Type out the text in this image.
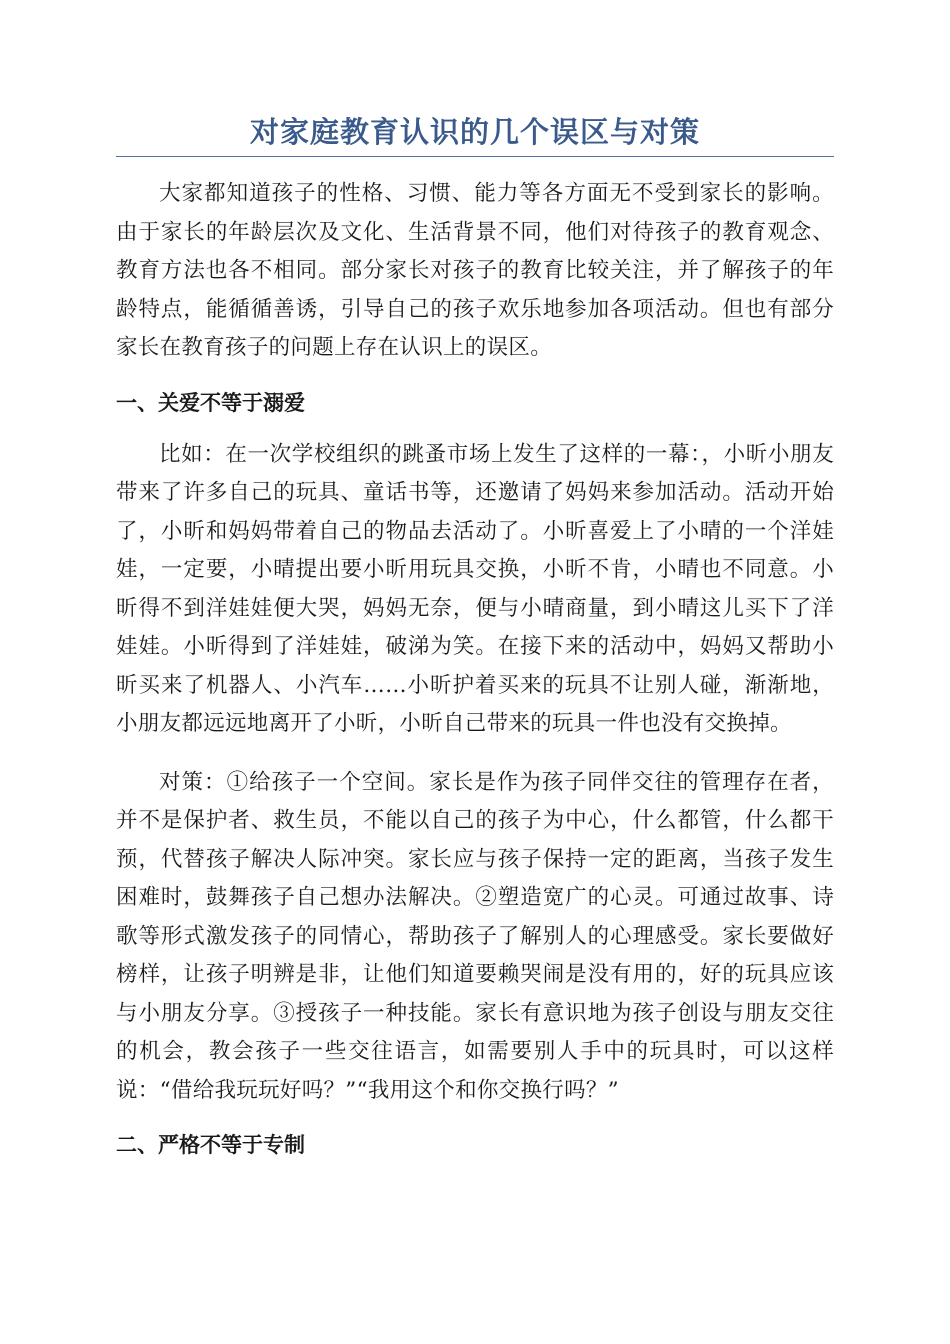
对家庭教育认识的几个误区与对策

大家都知道孩子的性格、习惯、能力等各方面无不受到家长的影响。由于家长的年龄层次及文化、生活背景不同，他们对待孩子的教育观念、教育方法也各不相同。部分家长对孩子的教育比较关注，并了解孩子的年龄特点，能循循善诱，引导自己的孩子欢乐地参加各项活动。但也有部分家长在教育孩子的问题上存在认识上的误区。

一、关爱不等于溺爱

比如：在一次学校组织的跳蚤市场上发生了这样的一幕：，小昕小朋友带来了许多自己的玩具、童话书等，还邀请了妈妈来参加活动。活动开始了，小昕和妈妈带着自己的物品去活动了。小昕喜爱上了小晴的一个洋娃娃，一定要，小晴提出要小昕用玩具交换，小昕不肯，小晴也不同意。小昕得不到洋娃娃便大哭，妈妈无奈，便与小晴商量，到小晴这儿买下了洋娃娃。小昕得到了洋娃娃，破涕为笑。在接下来的活动中，妈妈又帮助小昕买来了机器人、小汽车……小昕护着买来的玩具不让别人碰，渐渐地，小朋友都远远地离开了小昕，小昕自己带来的玩具一件也没有交换掉。

对策：①给孩子一个空间。家长是作为孩子同伴交往的管理存在者，并不是保护者、救生员，不能以自己的孩子为中心，什么都管，什么都干预，代替孩子解决人际冲突。家长应与孩子保持一定的距离，当孩子发生困难时，鼓舞孩子自己想办法解决。②塑造宽广的心灵。可通过故事、诗歌等形式激发孩子的同情心，帮助孩子了解别人的心理感受。家长要做好榜样，让孩子明辨是非，让他们知道要赖哭闹是没有用的，好的玩具应该与小朋友分享。③授孩子一种技能。家长有意识地为孩子创设与朋友交往的机会，教会孩子一些交往语言，如需要别人手中的玩具时，可以这样说：“借给我玩玩好吗？”“我用这个和你交换行吗？”

二、严格不等于专制
